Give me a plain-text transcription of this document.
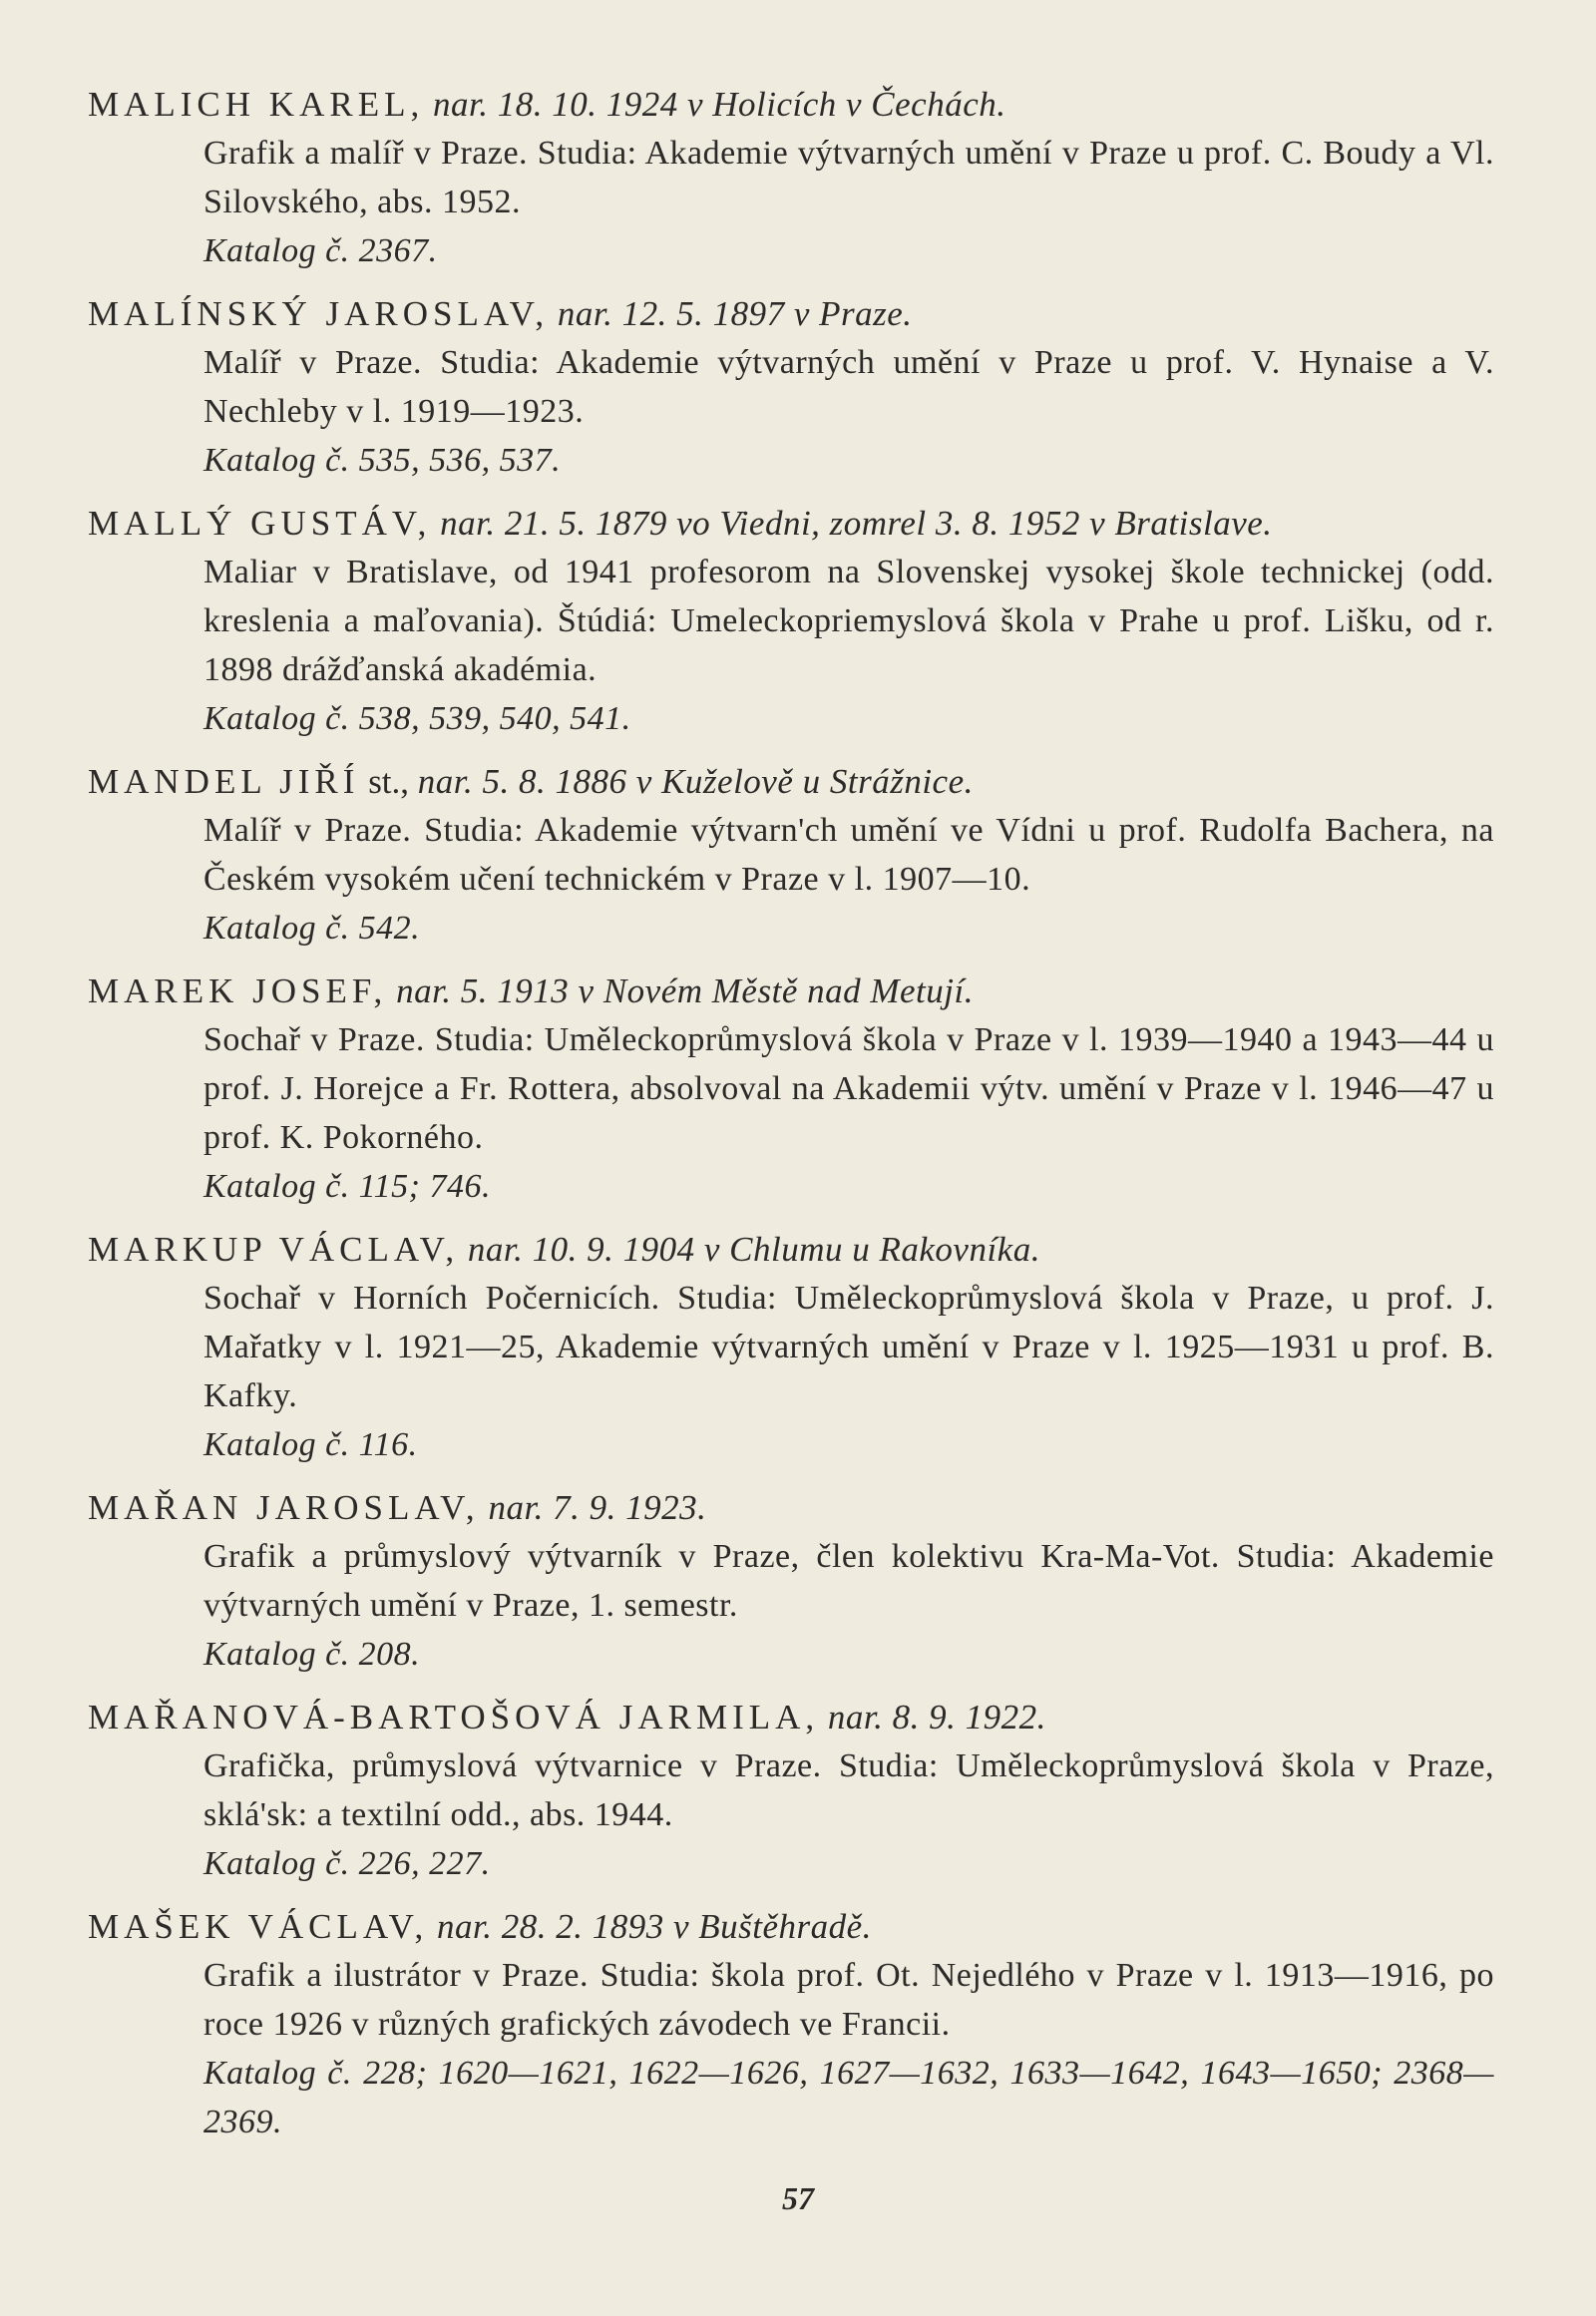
MALICH KAREL, nar. 18. 10. 1924 v Holicích v Čechách.

Grafik a malíř v Praze. Studia: Akademie výtvarných umění v Praze u prof. C. Boudy a Vl. Silovského, abs. 1952.

Katalog č. 2367.

MALÍNSKÝ JAROSLAV, nar. 12. 5. 1897 v Praze.

Malíř v Praze. Studia: Akademie výtvarných umění v Praze u prof. V. Hynaise a V. Nechleby v l. 1919—1923.

Katalog č. 535, 536, 537.

MALLÝ GUSTÁV, nar. 21. 5. 1879 vo Viedni, zomrel 3. 8. 1952 v Bratislave.

Maliar v Bratislave, od 1941 profesorom na Slovenskej vysokej škole technickej (odd. kreslenia a maľovania). Štúdiá: Umeleckopriemyslová škola v Prahe u prof. Lišku, od r. 1898 drážďanská akadémia.

Katalog č. 538, 539, 540, 541.

MANDEL JIŘÍ st., nar. 5. 8. 1886 v Kuželově u Strážnice.

Malíř v Praze. Studia: Akademie výtvarn'ch umění ve Vídni u prof. Rudolfa Bachera, na Českém vysokém učení technickém v Praze v l. 1907—10.

Katalog č. 542.

MAREK JOSEF, nar. 5. 1913 v Novém Městě nad Metují.

Sochař v Praze. Studia: Uměleckoprůmyslová škola v Praze v l. 1939—1940 a 1943—44 u prof. J. Horejce a Fr. Rottera, absolvoval na Akademii výtv. umění v Praze v l. 1946—47 u prof. K. Pokorného.

Katalog č. 115; 746.

MARKUP VÁCLAV, nar. 10. 9. 1904 v Chlumu u Rakovníka.

Sochař v Horních Počernicích. Studia: Uměleckoprůmyslová škola v Praze, u prof. J. Mařatky v l. 1921—25, Akademie výtvarných umění v Praze v l. 1925—1931 u prof. B. Kafky.

Katalog č. 116.

MAŘAN JAROSLAV, nar. 7. 9. 1923.

Grafik a průmyslový výtvarník v Praze, člen kolektivu Kra-Ma-Vot. Studia: Akademie výtvarných umění v Praze, 1. semestr.

Katalog č. 208.

MAŘANOVÁ-BARTOŠOVÁ JARMILA, nar. 8. 9. 1922.

Grafička, průmyslová výtvarnice v Praze. Studia: Uměleckoprůmyslová škola v Praze, sklá'sk: a textilní odd., abs. 1944.

Katalog č. 226, 227.

MAŠEK VÁCLAV, nar. 28. 2. 1893 v Buštěhradě.

Grafik a ilustrátor v Praze. Studia: škola prof. Ot. Nejedlého v Praze v l. 1913—1916, po roce 1926 v různých grafických závodech ve Francii.

Katalog č. 228; 1620—1621, 1622—1626, 1627—1632, 1633—1642, 1643—1650; 2368—2369.

57
